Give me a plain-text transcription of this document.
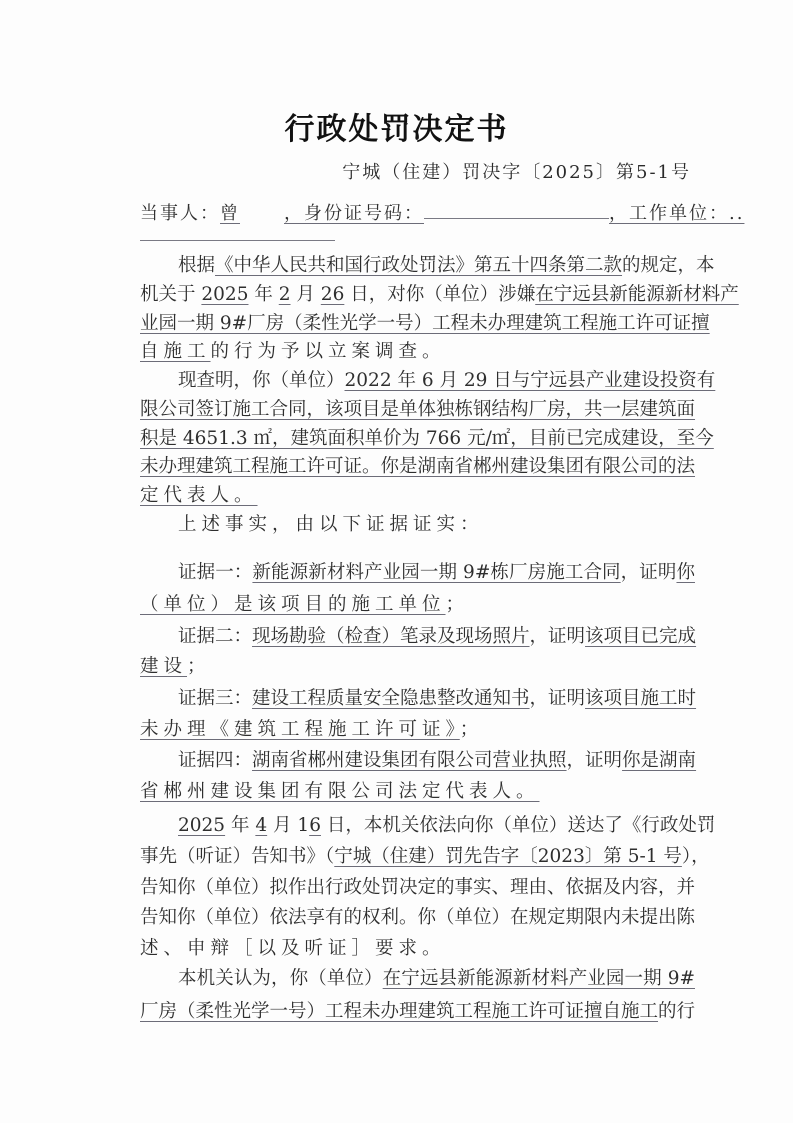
行政处罚决定书
宁城（住建）罚决字〔2025〕第5-1号
当事人：曾 ，身份证号码：	，工作单位：..
根据《中华人民共和国行政处罚法》第五十四条第二款的规定，本
机关于 2025 年 2 月 26 日，对你（单位）涉嫌在宁远县新能源新材料产
业园一期 9#厂房（柔性光学一号）工程未办理建筑工程施工许可证擅
自施工的行为予以立案调查。
现查明，你（单位）2022 年 6 月 29 日与宁远县产业建设投资有
限公司签订施工合同，该项目是单体独栋钢结构厂房，共一层建筑面
积是 4651.3 ㎡，建筑面积单价为 766 元/㎡，目前已完成建设，至今
未办理建筑工程施工许可证。你是湖南省郴州建设集团有限公司的法
定代表人。
上述事实，由以下证据证实：
证据一：新能源新材料产业园一期 9#栋厂房施工合同，证明你
（单位）是该项目的施工单位；
证据二：现场勘验（检查）笔录及现场照片，证明该项目已完成
建设；
证据三：建设工程质量安全隐患整改通知书，证明该项目施工时
未办理《建筑工程施工许可证》；
证据四：湖南省郴州建设集团有限公司营业执照，证明你是湖南
省郴州建设集团有限公司法定代表人。
2025 年 4 月 16 日，本机关依法向你（单位）送达了《行政处罚
事先（听证）告知书》（宁城（住建）罚先告字〔2023〕第 5-1 号），
告知你（单位）拟作出行政处罚决定的事实、理由、依据及内容，并
告知你（单位）依法享有的权利。你（单位）在规定期限内未提出陈
述、申辩［以及听证］要求。
本机关认为，你（单位）在宁远县新能源新材料产业园一期 9#
厂房（柔性光学一号）工程未办理建筑工程施工许可证擅自施工的行
